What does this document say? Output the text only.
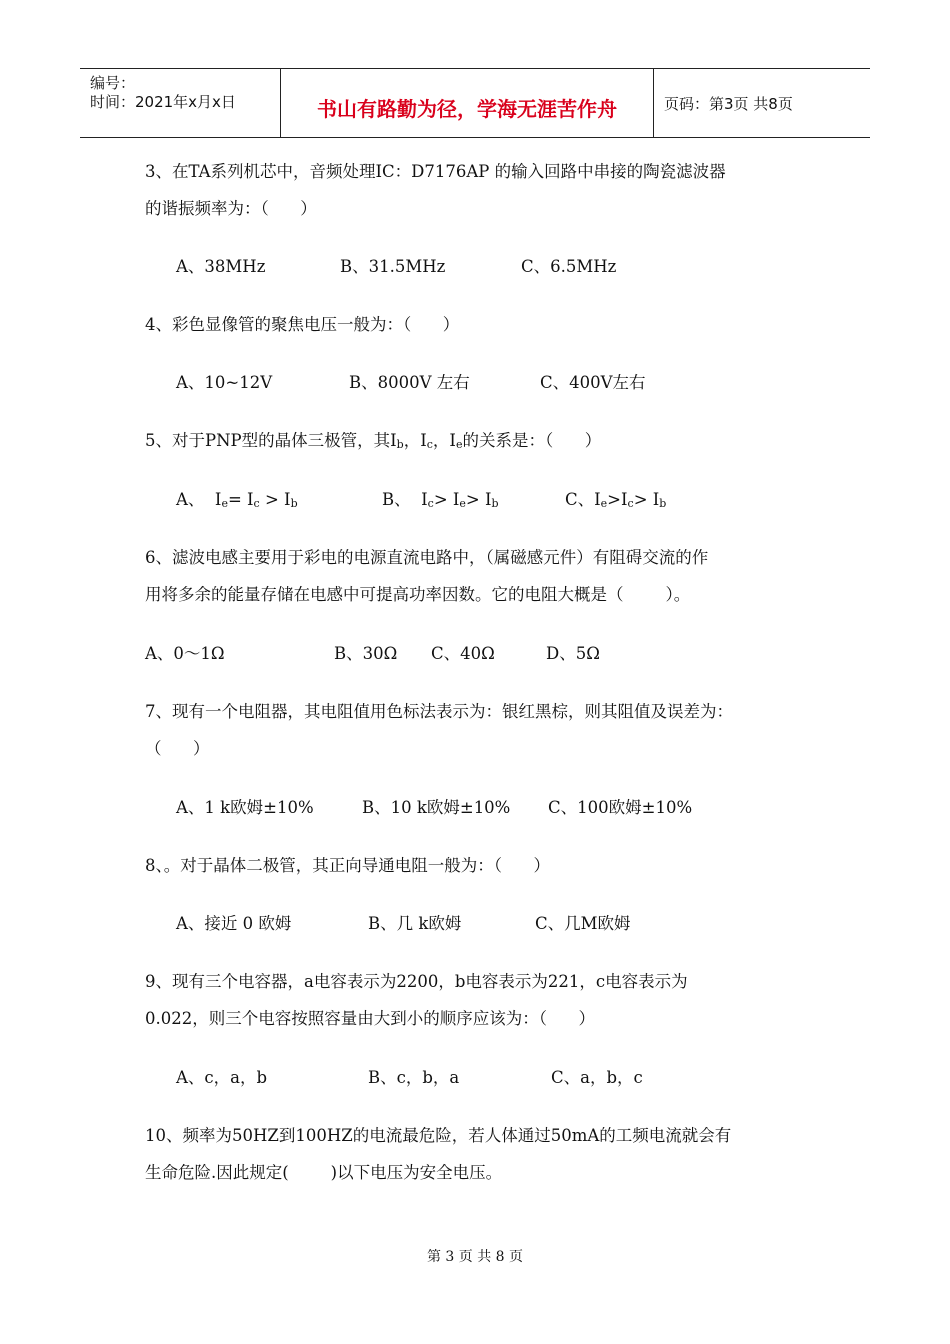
编号：
时间：2021年x月x日	书山有路勤为径，学海无涯苦作舟	页码：第3页 共8页
3、在TA系列机芯中，音频处理IC：D7176AP 的输入回路中串接的陶瓷滤波器
的谐振频率为：（      ）
A、38MHz	B、31.5MHz	C、6.5MHz
4、彩色显像管的聚焦电压一般为：（      ）
A、10~12V	B、8000V 左右	C、400V左右
5、对于PNP型的晶体三极管，其$I_b$，$I_c$，$I_e$的关系是：（      ）
A、  $I_e= I_c > I_b$	B、  $I_c> I_e> I_b$	C、$I_e>I_c> I_b$
6、滤波电感主要用于彩电的电源直流电路中，（属磁感元件）有阻碍交流的作
用将多余的能量存储在电感中可提高功率因数。它的电阻大概是（        ）。
A、0～1Ω	B、30Ω C、40Ω	D、5Ω
7、现有一个电阻器，其电阻值用色标法表示为：银红黑棕，则其阻值及误差为：
（      ）
A、1 k欧姆±10%	B、10 k欧姆±10% C、100欧姆±10%
8、。对于晶体二极管，其正向导通电阻一般为：（      ）
A、接近 0 欧姆	B、几 k欧姆	C、几M欧姆
9、现有三个电容器，a电容表示为2200，b电容表示为221，c电容表示为
0.022，则三个电容按照容量由大到小的顺序应该为：（      ）
A、c，a，b	B、c，b，a	C、a，b，c
10、频率为50HZ到100HZ的电流最危险，若人体通过50mA的工频电流就会有
生命危险.因此规定(        )以下电压为安全电压。
第 3 页 共 8 页
